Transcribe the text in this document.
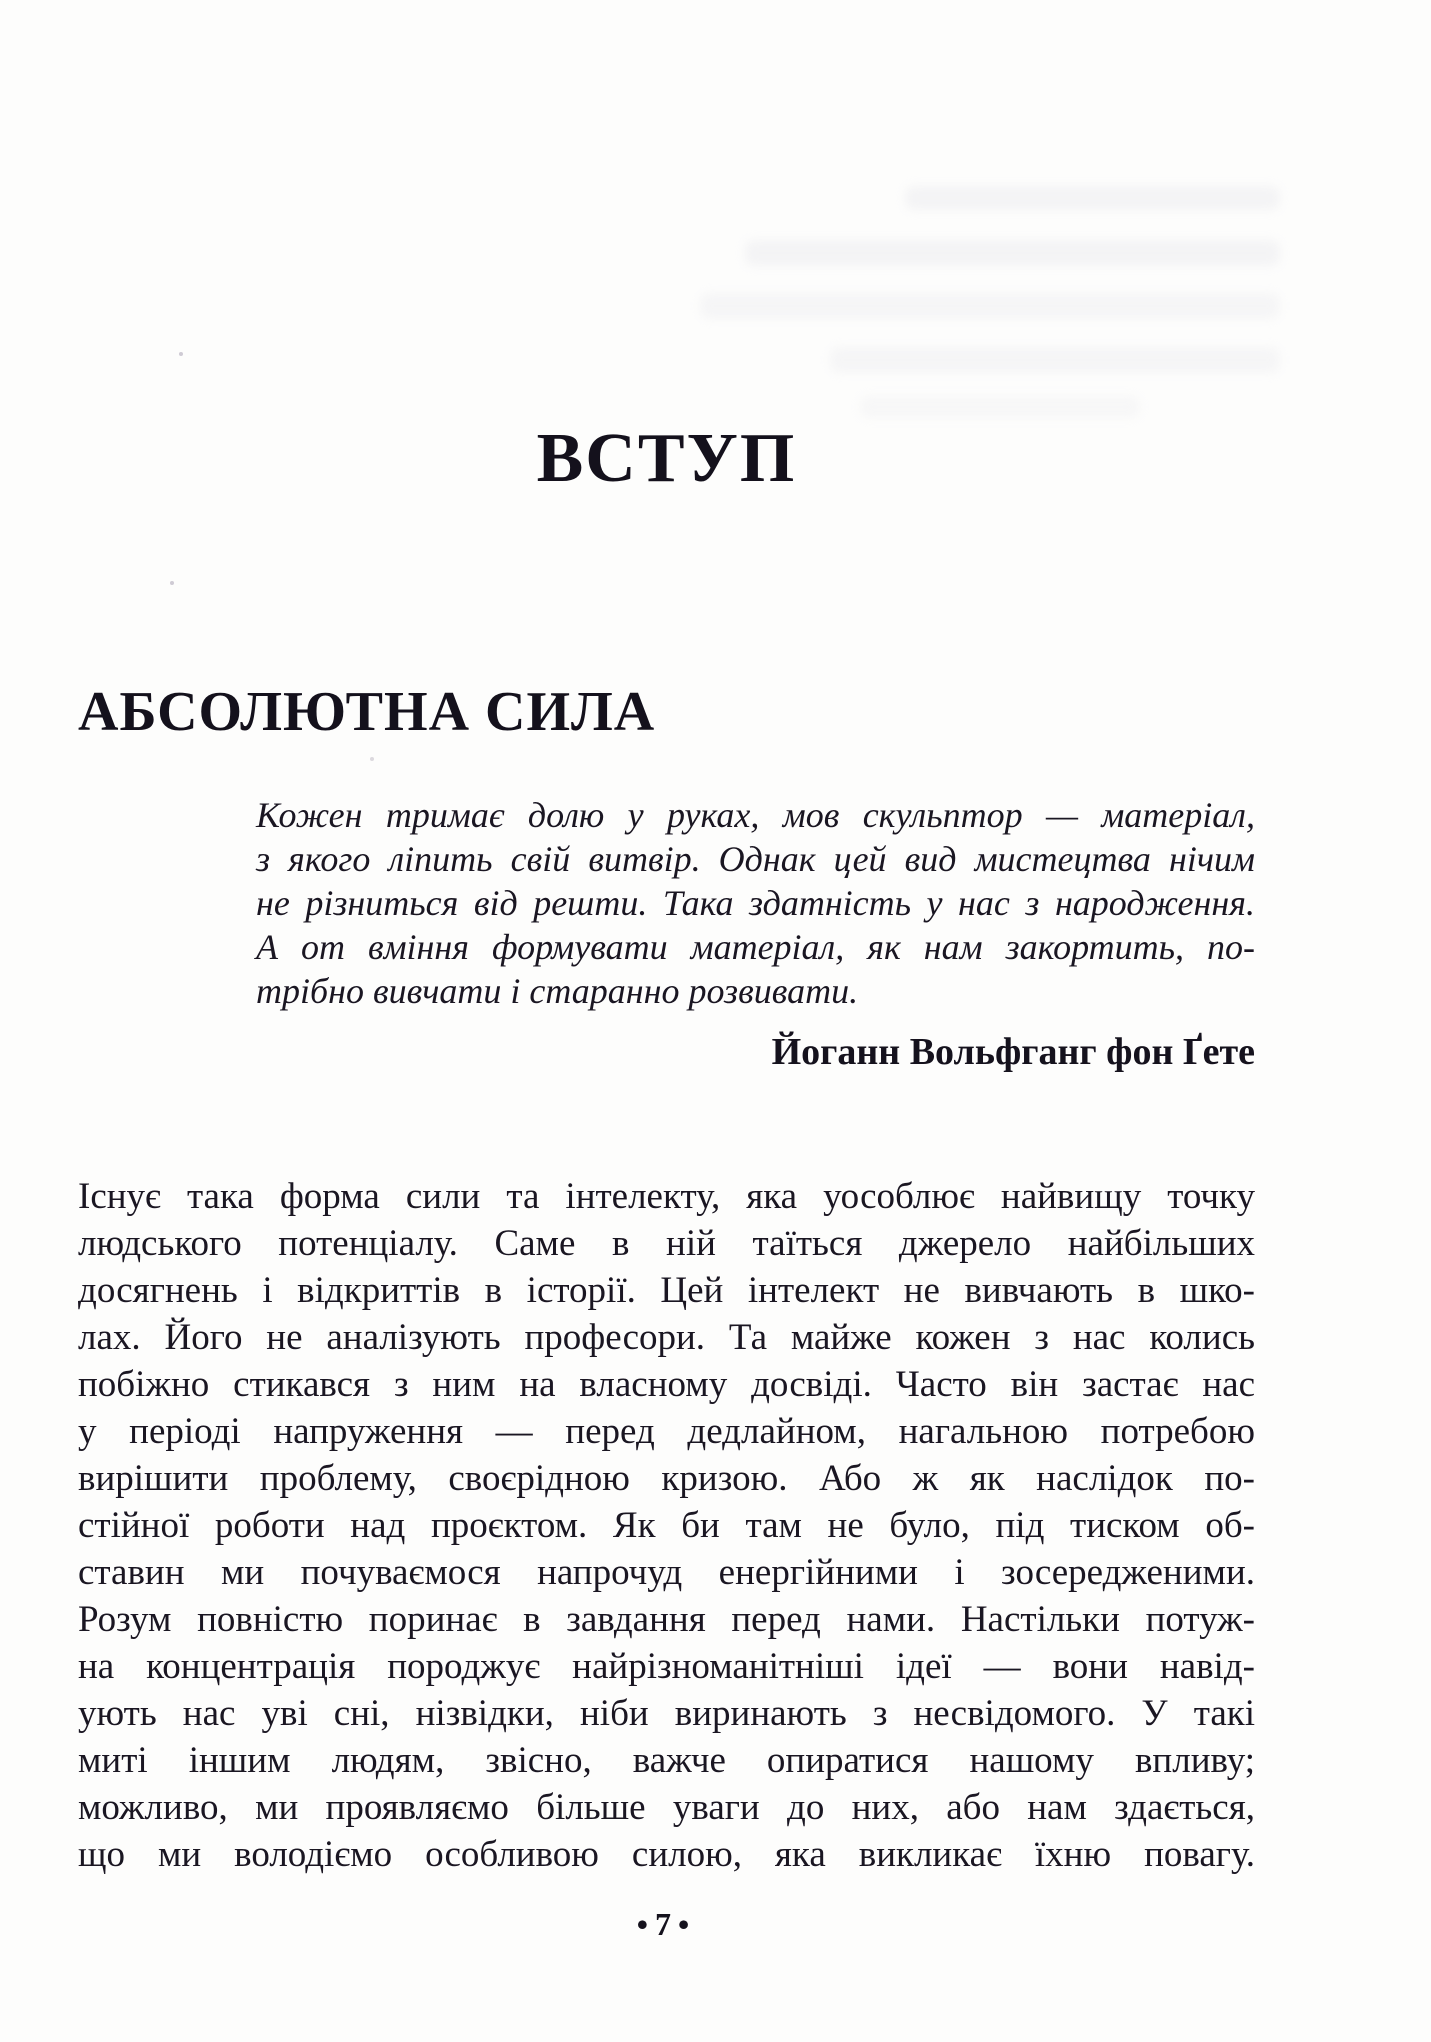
ВСТУП
АБСОЛЮТНА СИЛА
Кожен тримає долю у руках, мов скульптор — матеріал,
з якого ліпить свій витвір. Однак цей вид мистецтва нічим
не різниться від решти. Така здатність у нас з народження.
А от вміння формувати матеріал, як нам закортить, по-
трібно вивчати і старанно розвивати.
Йоганн Вольфганг фон Ґете
Існує така форма сили та інтелекту, яка уособлює найвищу точку
людського потенціалу. Саме в ній таїться джерело найбільших
досягнень і відкриттів в історії. Цей інтелект не вивчають в шко-
лах. Його не аналізують професори. Та майже кожен з нас колись
побіжно стикався з ним на власному досвіді. Часто він застає нас
у періоді напруження — перед дедлайном, нагальною потребою
вирішити проблему, своєрідною кризою. Або ж як наслідок по-
стійної роботи над проєктом. Як би там не було, під тиском об-
ставин ми почуваємося напрочуд енергійними і зосередженими.
Розум повністю поринає в завдання перед нами. Настільки потуж-
на концентрація породжує найрізноманітніші ідеї — вони навід-
ують нас уві сні, нізвідки, ніби виринають з несвідомого. У такі
миті іншим людям, звісно, важче опиратися нашому впливу;
можливо, ми проявляємо більше уваги до них, або нам здається,
що ми володіємо особливою силою, яка викликає їхню повагу.
•7•
